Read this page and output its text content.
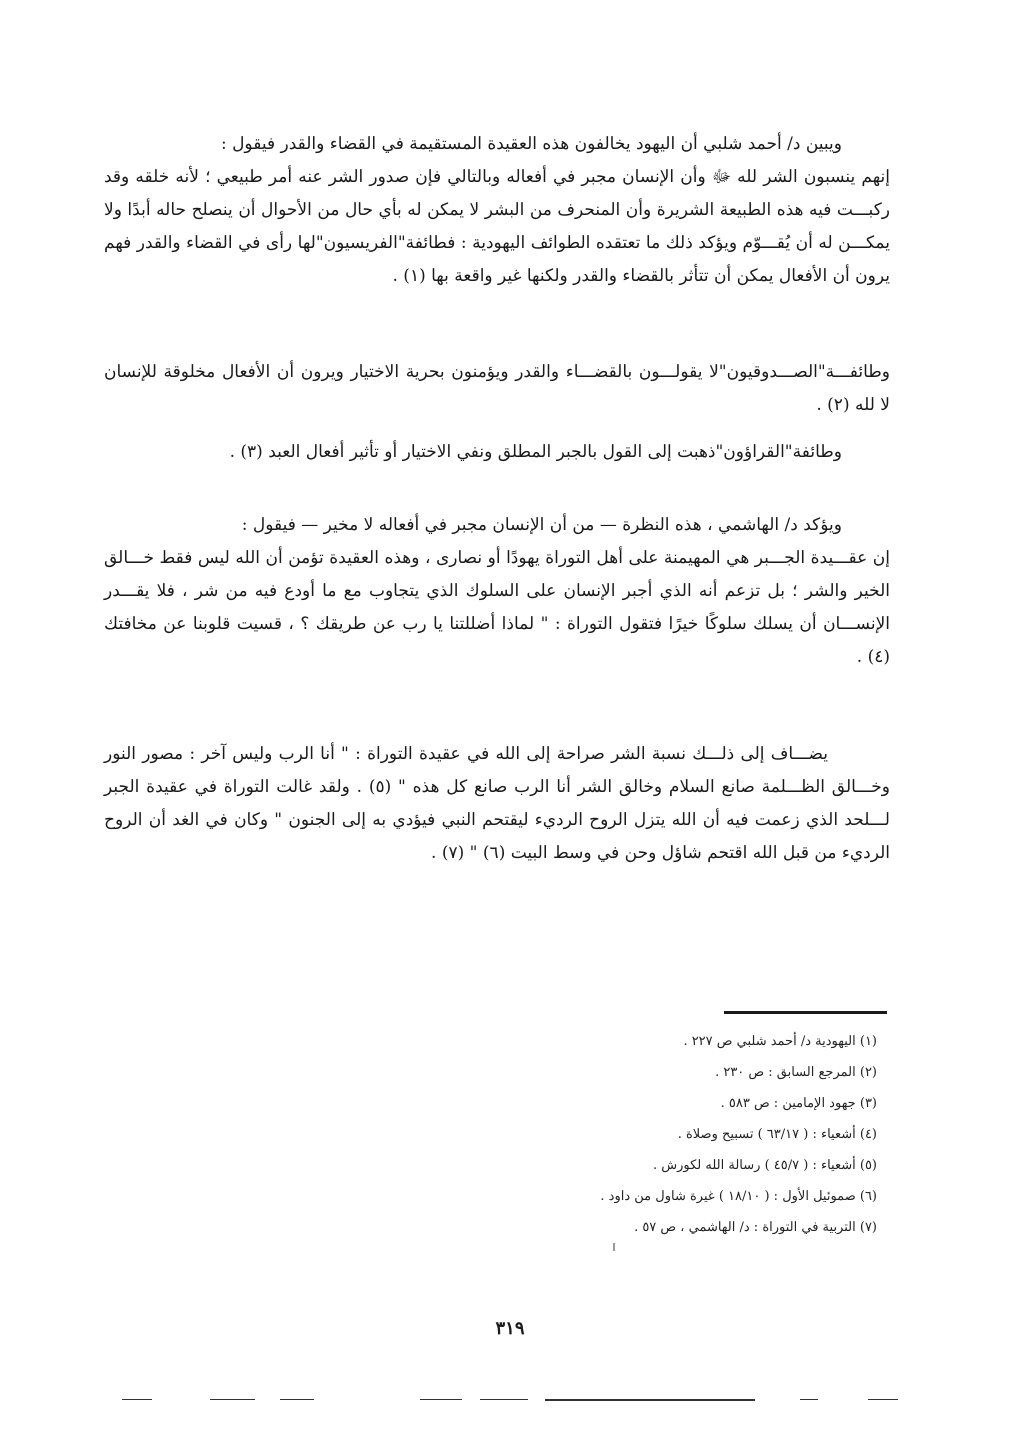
ويبين د/ أحمد شلبي أن اليهود يخالفون هذه العقيدة المستقيمة في القضاء والقدر فيقول :

إنهم ينسبون الشر لله ﷻ وأن الإنسان مجبر في أفعاله وبالتالي فإن صدور الشر عنه أمر طبيعي ؛ لأنه خلقه وقد ركبـــت فيه هذه الطبيعة الشريرة وأن المنحرف من البشر لا يمكن له بأي حال من الأحوال أن ينصلح حاله أبدًا ولا يمكـــن له أن يُقـــوّم ويؤكد ذلك ما تعتقده الطوائف اليهودية : فطائفة"الفريسيون"لها رأى في القضاء والقدر فهم يرون أن الأفعال يمكن أن تتأثر بالقضاء والقدر ولكنها غير واقعة بها (١) .

وطائفـــة"الصـــدوقيون"لا يقولـــون بالقضـــاء والقدر ويؤمنون بحرية الاختيار ويرون أن الأفعال مخلوقة للإنسان لا لله (٢) .

وطائفة"القراؤون"ذهبت إلى القول بالجبر المطلق ونفي الاختيار أو تأثير أفعال العبد (٣) .

ويؤكد د/ الهاشمي ، هذه النظرة — من أن الإنسان مجبر في أفعاله لا مخير — فيقول :

إن عقـــيدة الجـــبر هي المهيمنة على أهل التوراة يهودًا أو نصارى ، وهذه العقيدة تؤمن أن الله ليس فقط خـــالق الخير والشر ؛ بل تزعم أنه الذي أجبر الإنسان على السلوك الذي يتجاوب مع ما أودع فيه من شر ، فلا يقـــدر الإنســـان أن يسلك سلوكًا خيرًا فتقول التوراة : " لماذا أضللتنا يا رب عن طريقك ؟ ، قسيت قلوبنا عن مخافتك (٤) .

يضـــاف إلى ذلـــك نسبة الشر صراحة إلى الله في عقيدة التوراة : " أنا الرب وليس آخر : مصور النور وخـــالق الظـــلمة صانع السلام وخالق الشر أنا الرب صانع كل هذه " (٥) . ولقد غالت التوراة في عقيدة الجبر لـــلحد الذي زعمت فيه أن الله يتزل الروح الرديء ليقتحم النبي فيؤدي به إلى الجنون " وكان في الغد أن الروح الرديء من قبل الله اقتحم شاؤل وحن في وسط البيت (٦) " (٧) .

(١) اليهودية د/ أحمد شلبي ص ٢٢٧ .
(٢) المرجع السابق : ص ٢٣٠ .
(٣) جهود الإمامين : ص ٥٨٣ .
(٤) أشعياء : ( ٦٣/١٧ ) تسبيح وصلاة .
(٥) أشعياء : ( ٤٥/٧ ) رسالة الله لكورش .
(٦) صموئيل الأول : ( ١٨/١٠ ) غيرة شاول من داود .
(٧) التربية في التوراة : د/ الهاشمي ، ص ٥٧ .
٣١٩
